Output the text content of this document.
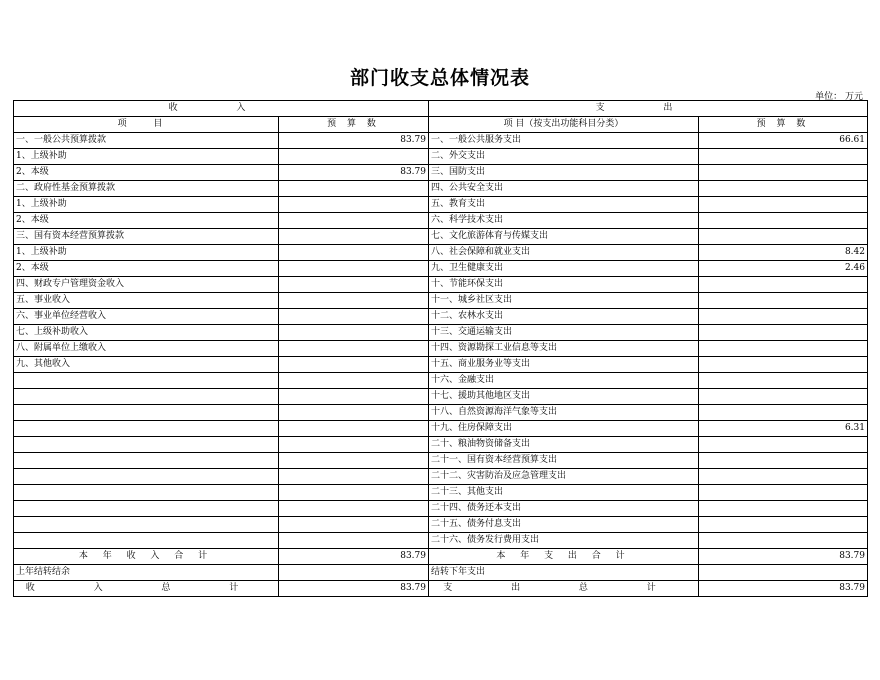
部门收支总体情况表
单位： 万元
收 入		支 出	
项 目	预 算 数	项 目（按支出功能科目分类）	预 算 数
一、一般公共预算拨款	83.79	一、一般公共服务支出	66.61
1、上级补助		二、外交支出	
2、本级	83.79	三、国防支出	
二、政府性基金预算拨款		四、公共安全支出	
1、上级补助		五、教育支出	
2、本级		六、科学技术支出	
三、国有资本经营预算拨款		七、文化旅游体育与传媒支出	
1、上级补助		八、社会保障和就业支出	8.42
2、本级		九、卫生健康支出	2.46
四、财政专户管理资金收入		十、节能环保支出	
五、事业收入		十一、城乡社区支出	
六、事业单位经营收入		十二、农林水支出	
七、上级补助收入		十三、交通运输支出	
八、附属单位上缴收入		十四、资源勘探工业信息等支出	
九、其他收入		十五、商业服务业等支出	
		十六、金融支出	
		十七、援助其他地区支出	
		十八、自然资源海洋气象等支出	
		十九、住房保障支出	6.31
		二十、粮油物资储备支出	
		二十一、国有资本经营预算支出	
		二十二、灾害防治及应急管理支出	
		二十三、其他支出	
		二十四、债务还本支出	
		二十五、债务付息支出	
		二十六、债务发行费用支出	
本 年 收 入 合 计	83.79	本 年 支 出 合 计	83.79
上年结转结余		结转下年支出	
收 入 总 计	83.79	支 出 总 计	83.79
